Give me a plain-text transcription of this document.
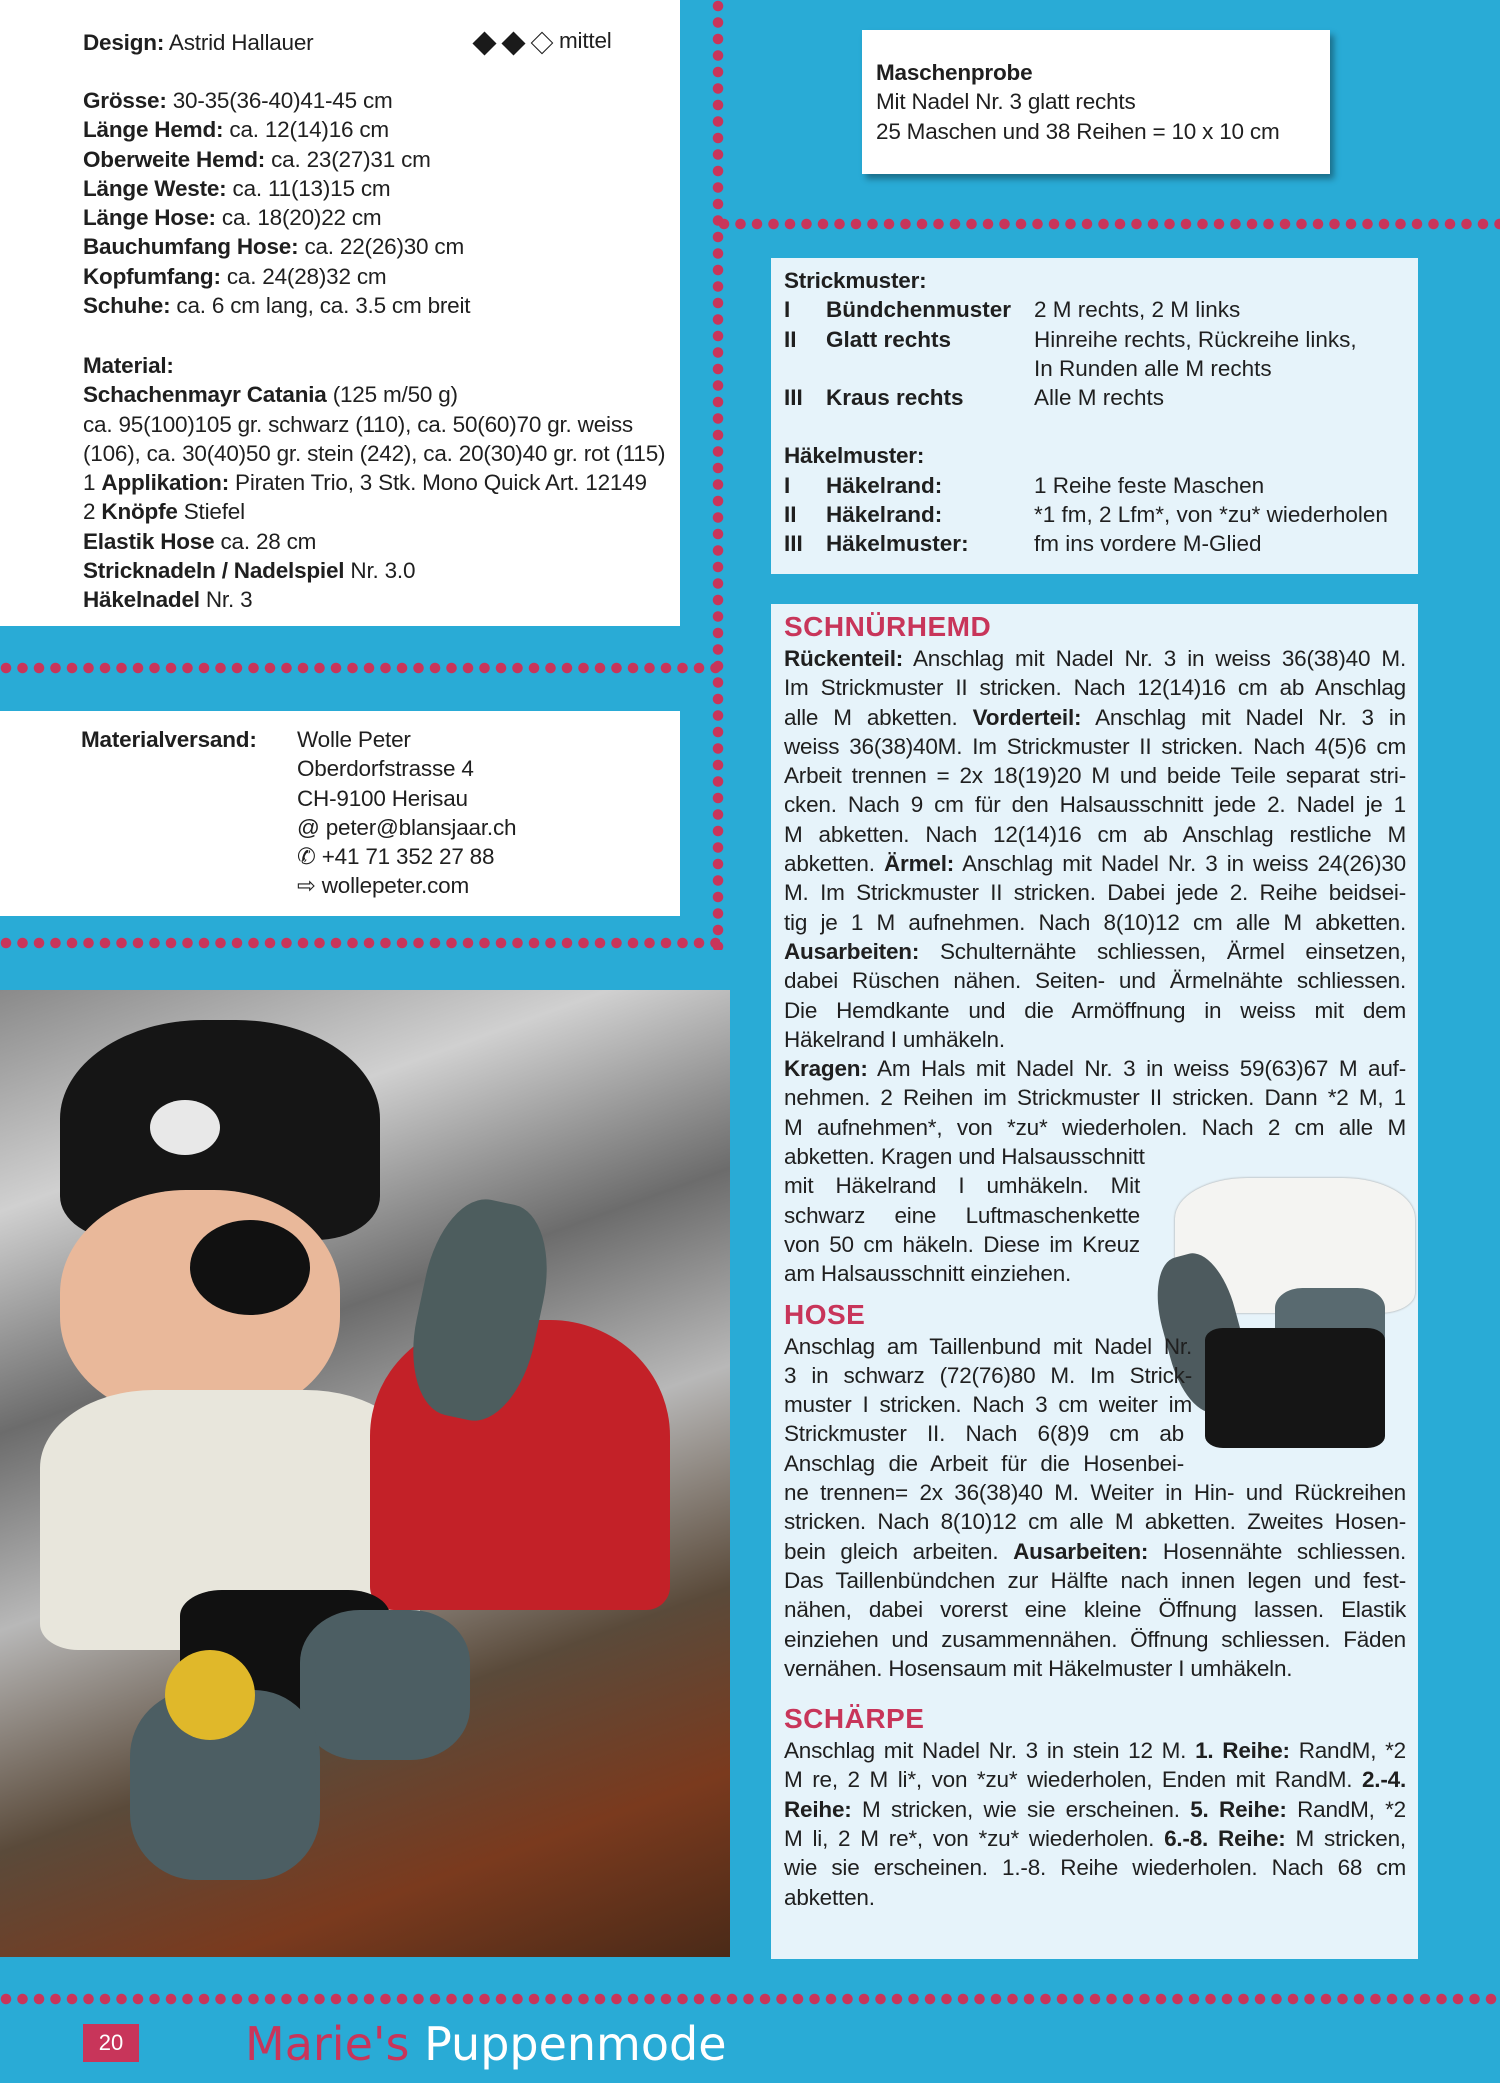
Design: Astrid Hallauer	mittel
Grösse: 30-35(36-40)41-45 cm
Länge Hemd: ca. 12(14)16 cm
Oberweite Hemd: ca. 23(27)31 cm
Länge Weste: ca. 11(13)15 cm
Länge Hose: ca. 18(20)22 cm
Bauchumfang Hose: ca. 22(26)30 cm
Kopfumfang: ca. 24(28)32 cm
Schuhe: ca. 6 cm lang, ca. 3.5 cm breit
Material:
Schachenmayr Catania (125 m/50 g)
ca. 95(100)105 gr. schwarz (110), ca. 50(60)70 gr. weiss
(106), ca. 30(40)50 gr. stein (242), ca. 20(30)40 gr. rot (115)
1 Applikation: Piraten Trio, 3 Stk. Mono Quick Art. 12149
2 Knöpfe Stiefel
Elastik Hose ca. 28 cm
Stricknadeln / Nadelspiel Nr. 3.0
Häkelnadel Nr. 3
Materialversand: Wolle Peter
Oberdorfstrasse 4
CH-9100 Herisau
@ peter@blansjaar.ch
✆ +41 71 352 27 88
⇨ wollepeter.com
Maschenprobe
Mit Nadel Nr. 3 glatt rechts
25 Maschen und 38 Reihen = 10 x 10 cm
Strickmuster:
I	Bündchenmuster	2 M rechts, 2 M links
II	Glatt rechts	Hinreihe rechts, Rückreihe links,
In Runden alle M rechts

III	Kraus rechts	Alle M rechts
Häkelmuster:
I	Häkelrand:	1 Reihe feste Maschen
II	Häkelrand:	*1 fm, 2 Lfm*, von *zu* wiederholen
III	Häkelmuster:	fm ins vordere M-Glied
SCHNÜRHEMD
Rückenteil: Anschlag mit Nadel Nr. 3 in weiss 36(38)40 M.
Im Strickmuster II stricken. Nach 12(14)16 cm ab Anschlag
alle M abketten. Vorderteil: Anschlag mit Nadel Nr. 3 in
weiss 36(38)40M. Im Strickmuster II stricken. Nach 4(5)6 cm
Arbeit trennen = 2x 18(19)20 M und beide Teile separat stri-
cken. Nach 9 cm für den Halsausschnitt jede 2. Nadel je 1
M abketten. Nach 12(14)16 cm ab Anschlag restliche M
abketten. Ärmel: Anschlag mit Nadel Nr. 3 in weiss 24(26)30
M. Im Strickmuster II stricken. Dabei jede 2. Reihe beidsei-
tig je 1 M aufnehmen. Nach 8(10)12 cm alle M abketten.
Ausarbeiten: Schulternähte schliessen, Ärmel einsetzen,
dabei Rüschen nähen. Seiten- und Ärmelnähte schliessen.
Die Hemdkante und die Armöffnung in weiss mit dem
Häkelrand I umhäkeln.
Kragen: Am Hals mit Nadel Nr. 3 in weiss 59(63)67 M auf-
nehmen. 2 Reihen im Strickmuster II stricken. Dann *2 M, 1
M aufnehmen*, von *zu* wiederholen. Nach 2 cm alle M
abketten. Kragen und Halsausschnitt
mit Häkelrand I umhäkeln. Mit
schwarz eine Luftmaschenkette
von 50 cm häkeln. Diese im Kreuz
am Halsausschnitt einziehen.
HOSE
Anschlag am Taillenbund mit Nadel Nr.
3 in schwarz (72(76)80 M. Im Strick-
muster I stricken. Nach 3 cm weiter im
Strickmuster II. Nach 6(8)9 cm ab
Anschlag die Arbeit für die Hosenbei-
ne trennen= 2x 36(38)40 M. Weiter in Hin- und Rückreihen
stricken. Nach 8(10)12 cm alle M abketten. Zweites Hosen-
bein gleich arbeiten. Ausarbeiten: Hosennähte schliessen.
Das Taillenbündchen zur Hälfte nach innen legen und fest-
nähen, dabei vorerst eine kleine Öffnung lassen. Elastik
einziehen und zusammennähen. Öffnung schliessen. Fäden
vernähen. Hosensaum mit Häkelmuster I umhäkeln.
SCHÄRPE
Anschlag mit Nadel Nr. 3 in stein 12 M. 1. Reihe: RandM, *2
M re, 2 M li*, von *zu* wiederholen, Enden mit RandM. 2.-4.
Reihe: M stricken, wie sie erscheinen. 5. Reihe: RandM, *2
M li, 2 M re*, von *zu* wiederholen. 6.-8. Reihe: M stricken,
wie sie erscheinen. 1.-8. Reihe wiederholen. Nach 68 cm
abketten.
20	Marie's Puppenmode
